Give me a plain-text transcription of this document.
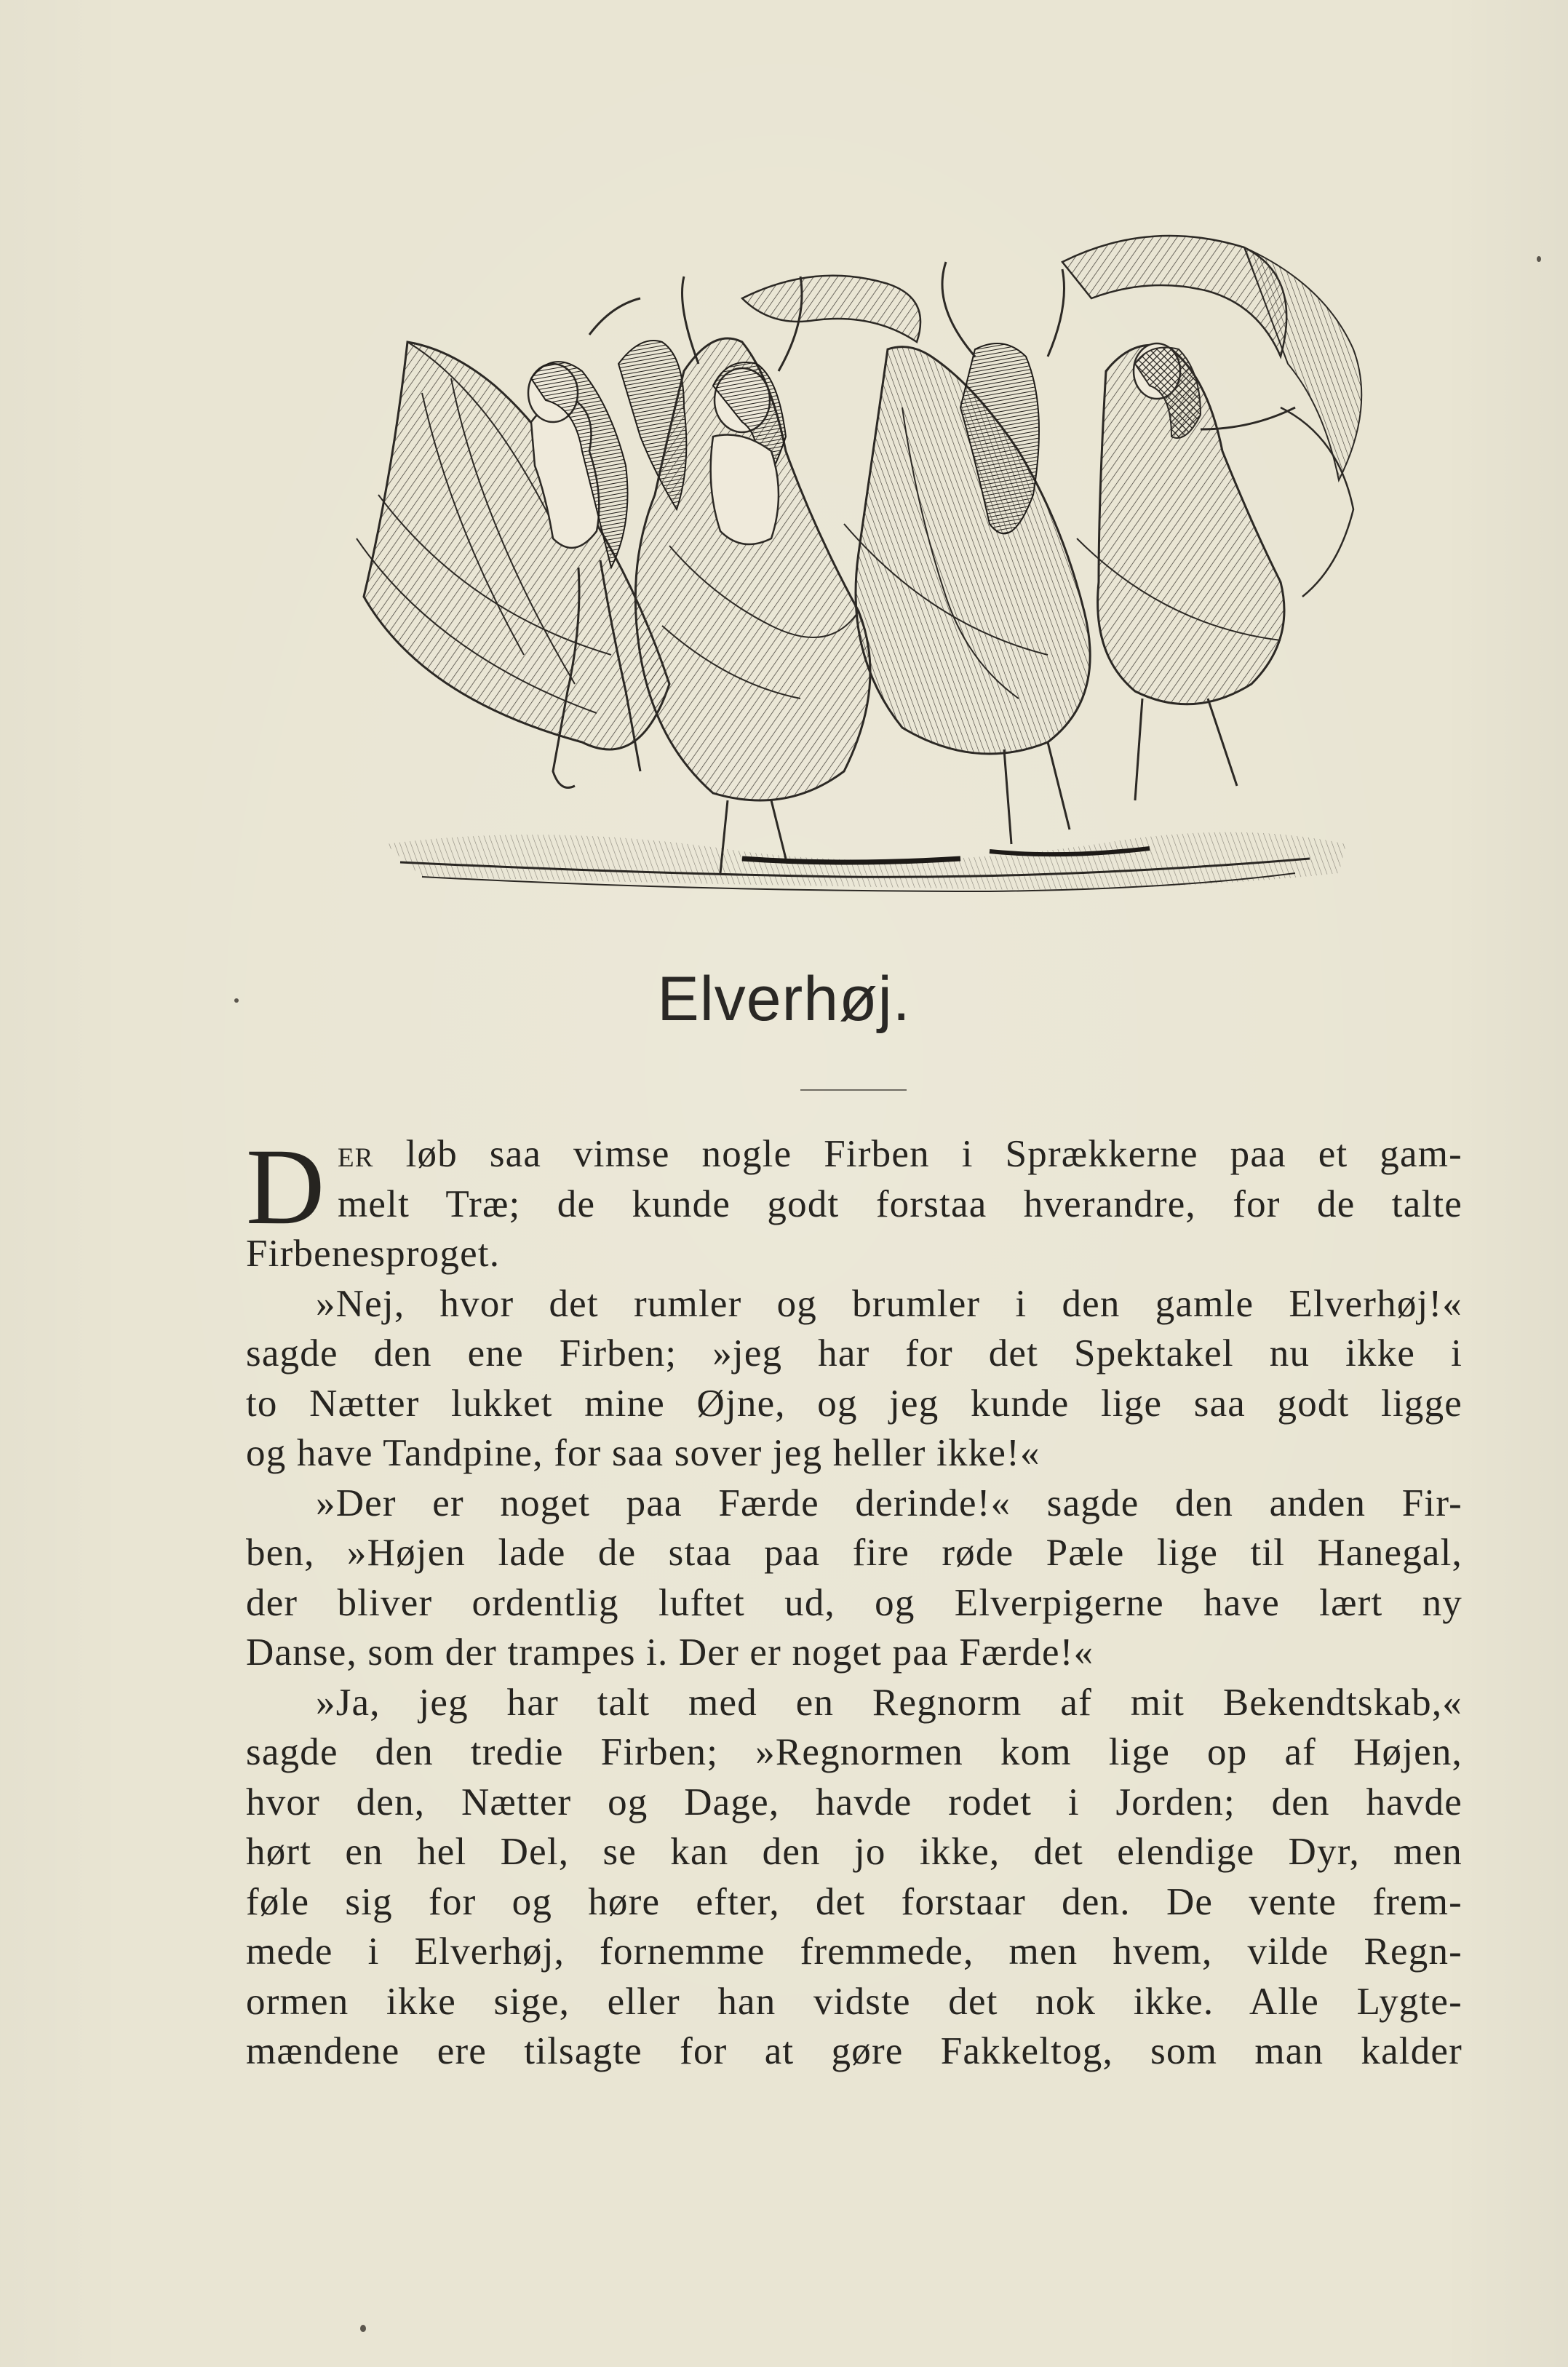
Elverhøj.
D er løb saa vimse nogle Firben i Sprækkerne paa et gam-
melt Træ; de kunde godt forstaa hverandre, for de talte
Firbenesproget.
»Nej, hvor det rumler og brumler i den gamle Elverhøj!«
sagde den ene Firben; »jeg har for det Spektakel nu ikke i
to Nætter lukket mine Øjne, og jeg kunde lige saa godt ligge
og have Tandpine, for saa sover jeg heller ikke!«
»Der er noget paa Færde derinde!« sagde den anden Fir-
ben, »Højen lade de staa paa fire røde Pæle lige til Hanegal,
der bliver ordentlig luftet ud, og Elverpigerne have lært ny
Danse, som der trampes i. Der er noget paa Færde!«
»Ja, jeg har talt med en Regnorm af mit Bekendtskab,«
sagde den tredie Firben; »Regnormen kom lige op af Højen,
hvor den, Nætter og Dage, havde rodet i Jorden; den havde
hørt en hel Del, se kan den jo ikke, det elendige Dyr, men
føle sig for og høre efter, det forstaar den. De vente frem-
mede i Elverhøj, fornemme fremmede, men hvem, vilde Regn-
ormen ikke sige, eller han vidste det nok ikke. Alle Lygte-
mændene ere tilsagte for at gøre Fakkeltog, som man kalder
